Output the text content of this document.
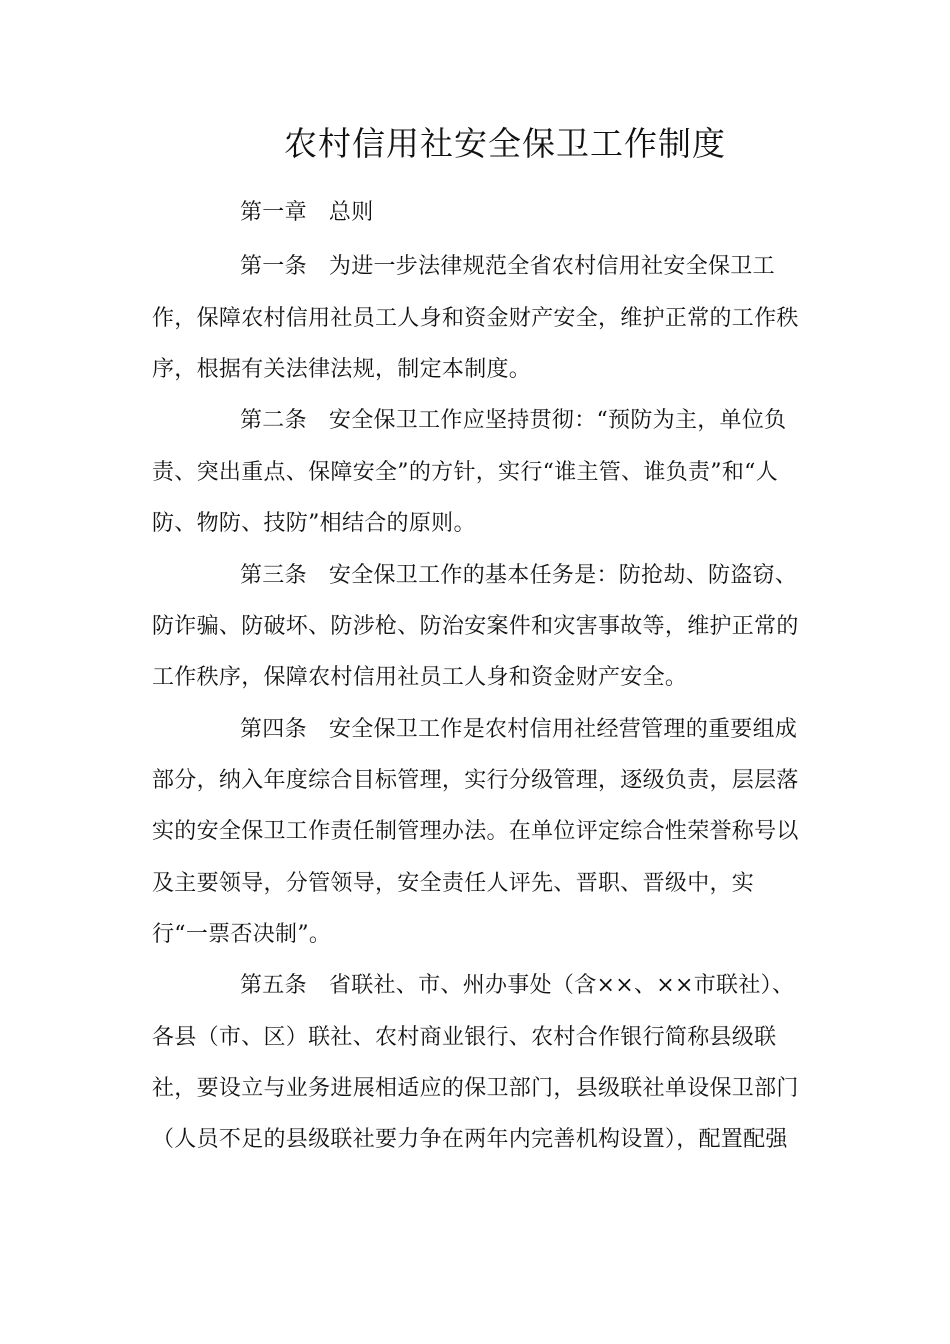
农村信用社安全保卫工作制度
第一章 总则
第一条 为进一步法律规范全省农村信用社安全保卫工
作，保障农村信用社员工人身和资金财产安全，维护正常的工作秩
序，根据有关法律法规，制定本制度。
第二条 安全保卫工作应坚持贯彻：“预防为主，单位负
责、突出重点、保障安全”的方针，实行“谁主管、谁负责”和“人
防、物防、技防”相结合的原则。
第三条 安全保卫工作的基本任务是：防抢劫、防盗窃、
防诈骗、防破坏、防涉枪、防治安案件和灾害事故等，维护正常的
工作秩序，保障农村信用社员工人身和资金财产安全。
第四条 安全保卫工作是农村信用社经营管理的重要组成
部分，纳入年度综合目标管理，实行分级管理，逐级负责，层层落
实的安全保卫工作责任制管理办法。在单位评定综合性荣誉称号以
及主要领导，分管领导，安全责任人评先、晋职、晋级中，实
行“一票否决制”。
第五条 省联社、市、州办事处（含××、××市联社）、
各县（市、区）联社、农村商业银行、农村合作银行简称县级联
社，要设立与业务进展相适应的保卫部门，县级联社单设保卫部门
（人员不足的县级联社要力争在两年内完善机构设置），配置配强
